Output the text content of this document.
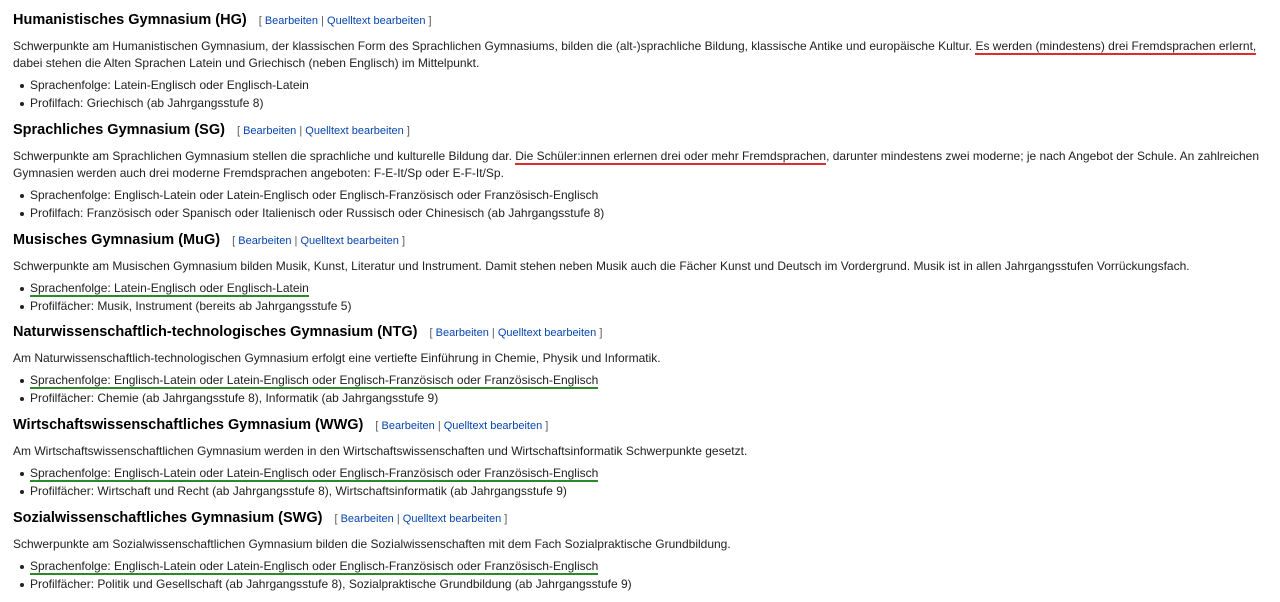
Humanistisches Gymnasium (HG) [ Bearbeiten | Quelltext bearbeiten ]

Schwerpunkte am Humanistischen Gymnasium, der klassischen Form des Sprachlichen Gymnasiums, bilden die (alt-)sprachliche Bildung, klassische Antike und europäische Kultur. Es werden (mindestens) drei Fremdsprachen erlernt, dabei stehen die Alten Sprachen Latein und Griechisch (neben Englisch) im Mittelpunkt.

Sprachenfolge: Latein-Englisch oder Englisch-Latein
Profilfach: Griechisch (ab Jahrgangsstufe 8)
Sprachliches Gymnasium (SG) [ Bearbeiten | Quelltext bearbeiten ]

Schwerpunkte am Sprachlichen Gymnasium stellen die sprachliche und kulturelle Bildung dar. Die Schüler:innen erlernen drei oder mehr Fremdsprachen, darunter mindestens zwei moderne; je nach Angebot der Schule. An zahlreichen Gymnasien werden auch drei moderne Fremdsprachen angeboten: F-E-It/Sp oder E-F-It/Sp.

Sprachenfolge: Englisch-Latein oder Latein-Englisch oder Englisch-Französisch oder Französisch-Englisch
Profilfach: Französisch oder Spanisch oder Italienisch oder Russisch oder Chinesisch (ab Jahrgangsstufe 8)
Musisches Gymnasium (MuG) [ Bearbeiten | Quelltext bearbeiten ]

Schwerpunkte am Musischen Gymnasium bilden Musik, Kunst, Literatur und Instrument. Damit stehen neben Musik auch die Fächer Kunst und Deutsch im Vordergrund. Musik ist in allen Jahrgangsstufen Vorrückungsfach.

Sprachenfolge: Latein-Englisch oder Englisch-Latein
Profilfächer: Musik, Instrument (bereits ab Jahrgangsstufe 5)
Naturwissenschaftlich-technologisches Gymnasium (NTG) [ Bearbeiten | Quelltext bearbeiten ]

Am Naturwissenschaftlich-technologischen Gymnasium erfolgt eine vertiefte Einführung in Chemie, Physik und Informatik.

Sprachenfolge: Englisch-Latein oder Latein-Englisch oder Englisch-Französisch oder Französisch-Englisch
Profilfächer: Chemie (ab Jahrgangsstufe 8), Informatik (ab Jahrgangsstufe 9)
Wirtschaftswissenschaftliches Gymnasium (WWG) [ Bearbeiten | Quelltext bearbeiten ]

Am Wirtschaftswissenschaftlichen Gymnasium werden in den Wirtschaftswissenschaften und Wirtschaftsinformatik Schwerpunkte gesetzt.

Sprachenfolge: Englisch-Latein oder Latein-Englisch oder Englisch-Französisch oder Französisch-Englisch
Profilfächer: Wirtschaft und Recht (ab Jahrgangsstufe 8), Wirtschaftsinformatik (ab Jahrgangsstufe 9)
Sozialwissenschaftliches Gymnasium (SWG) [ Bearbeiten | Quelltext bearbeiten ]

Schwerpunkte am Sozialwissenschaftlichen Gymnasium bilden die Sozialwissenschaften mit dem Fach Sozialpraktische Grundbildung.

Sprachenfolge: Englisch-Latein oder Latein-Englisch oder Englisch-Französisch oder Französisch-Englisch
Profilfächer: Politik und Gesellschaft (ab Jahrgangsstufe 8), Sozialpraktische Grundbildung (ab Jahrgangsstufe 9)
